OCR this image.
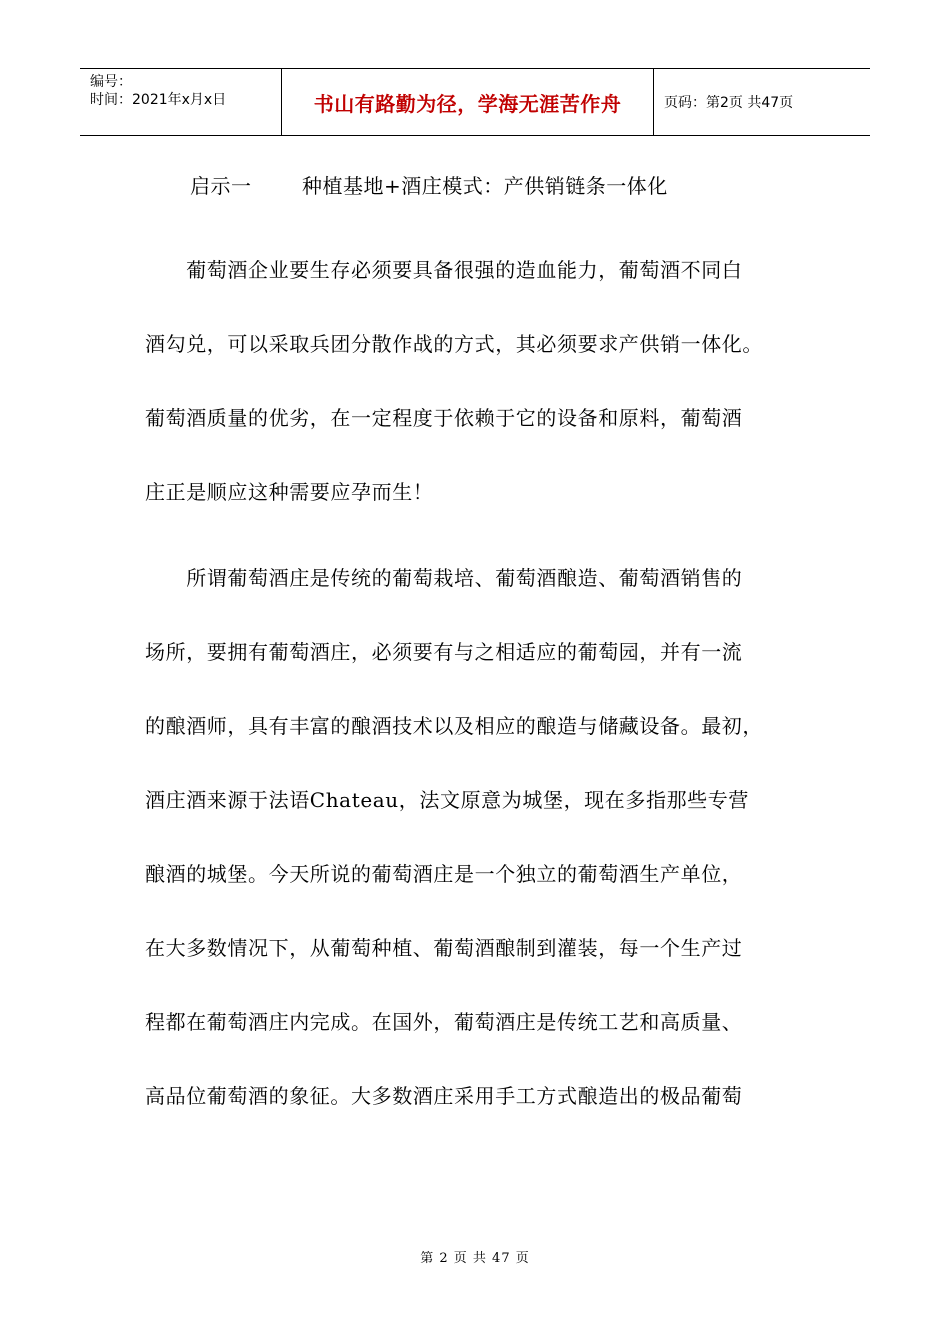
编号：
时间：2021年x月x日	书山有路勤为径，学海无涯苦作舟	页码：第2页 共47页
启示一	种植基地+酒庄模式：产供销链条一体化
　　葡萄酒企业要生存必须要具备很强的造血能力，葡萄酒不同白
酒勾兑，可以采取兵团分散作战的方式，其必须要求产供销一体化。
葡萄酒质量的优劣，在一定程度于依赖于它的设备和原料，葡萄酒
庄正是顺应这种需要应孕而生！
　　所谓葡萄酒庄是传统的葡萄栽培、葡萄酒酿造、葡萄酒销售的
场所，要拥有葡萄酒庄，必须要有与之相适应的葡萄园，并有一流
的酿酒师，具有丰富的酿酒技术以及相应的酿造与储藏设备。最初，
酒庄酒来源于法语Chateau，法文原意为城堡，现在多指那些专营
酿酒的城堡。今天所说的葡萄酒庄是一个独立的葡萄酒生产单位，
在大多数情况下，从葡萄种植、葡萄酒酿制到灌装，每一个生产过
程都在葡萄酒庄内完成。在国外，葡萄酒庄是传统工艺和高质量、
高品位葡萄酒的象征。大多数酒庄采用手工方式酿造出的极品葡萄
第 2 页 共 47 页
